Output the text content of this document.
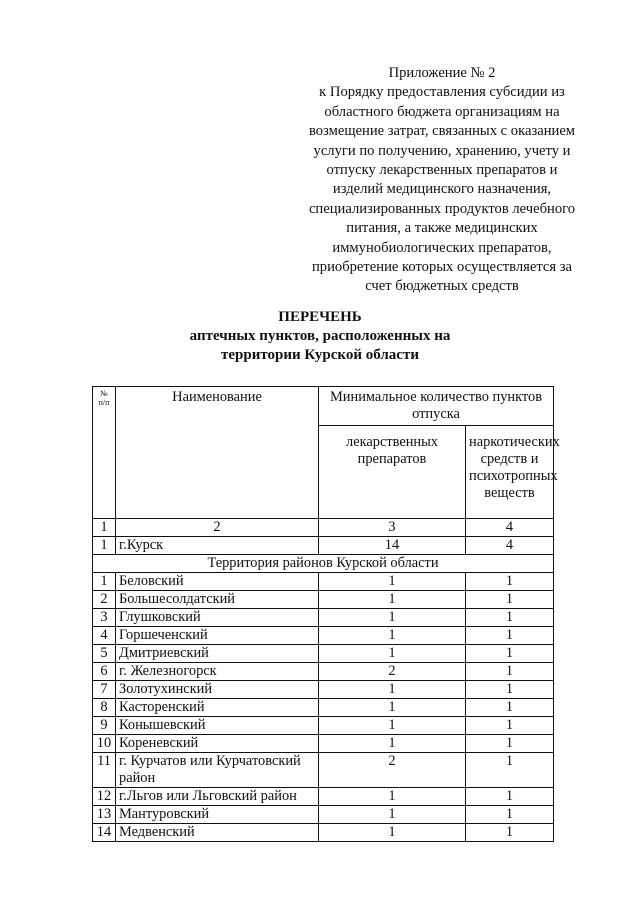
Приложение № 2
к Порядку предоставления субсидии из
областного бюджета организациям на
возмещение затрат, связанных с оказанием
услуги по получению, хранению, учету и
отпуску лекарственных препаратов и
изделий медицинского назначения,
специализированных продуктов лечебного
питания, а также медицинских
иммунобиологических препаратов,
приобретение которых осуществляется за
счет бюджетных средств
ПЕРЕЧЕНЬ
аптечных пунктов, расположенных на
территории Курской области
№ п/п	Наименование	Минимальное количество пунктов отпуска	
		лекарственных препаратов	наркотических средств и психотропных веществ
1	2	3	4
1	г.Курск	14	4
Территория районов Курской области			
1	Беловский	1	1
2	Большесолдатский	1	1
3	Глушковский	1	1
4	Горшеченский	1	1
5	Дмитриевский	1	1
6	г. Железногорск	2	1
7	Золотухинский	1	1
8	Касторенский	1	1
9	Конышевский	1	1
10	Кореневский	1	1
11	г. Курчатов или Курчатовский район	2	1
12	г.Льгов или Льговский район	1	1
13	Мантуровский	1	1
14	Медвенский	1	1
